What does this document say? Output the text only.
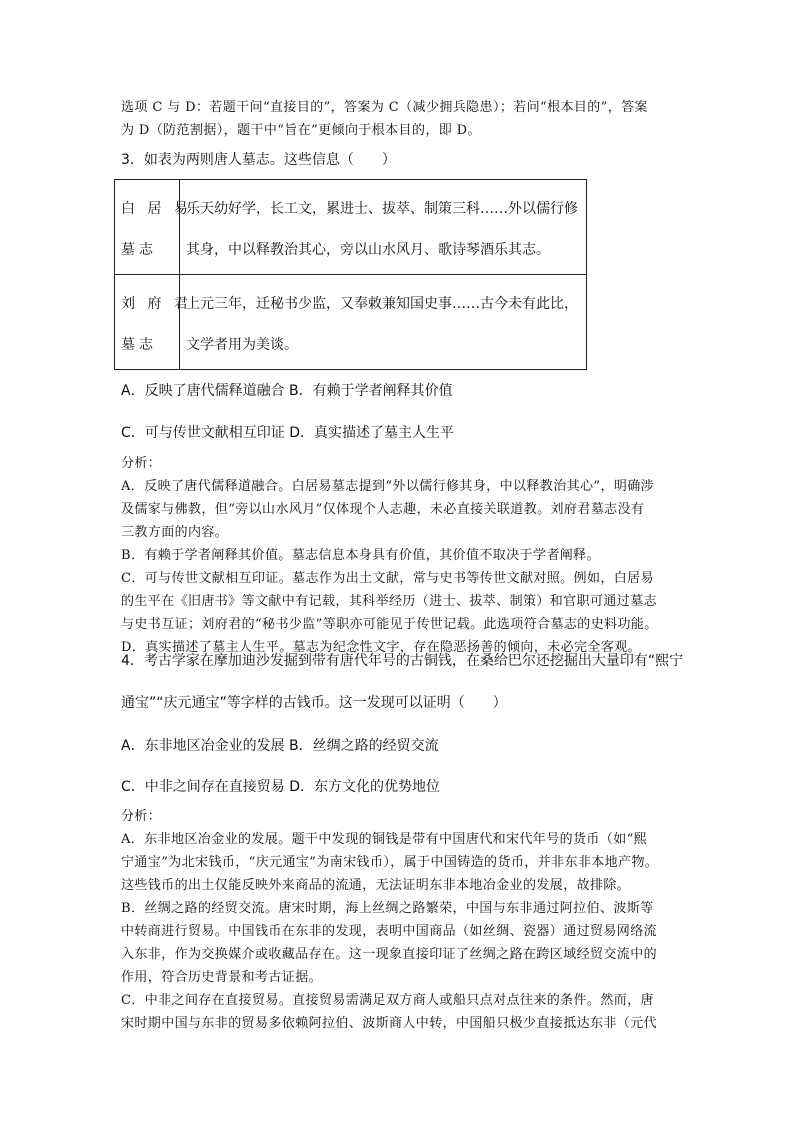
选项 C 与 D：若题干问“直接目的”，答案为 C（减少拥兵隐患）；若问“根本目的”，答案
为 D（防范割据），题干中“旨在”更倾向于根本目的，即 D。
3．如表为两则唐人墓志。这些信息（　　）
白 居 易
墓志	乐天幼好学，长工文，累进士、拔萃、制策三科……外以儒行修
其身，中以释教治其心，旁以山水风月、歌诗琴酒乐其志。

刘 府 君
墓志	上元三年，迁秘书少监，又奉敕兼知国史事……古今未有此比，
文学者用为美谈。
A．反映了唐代儒释道融合 B．有赖于学者阐释其价值
C．可与传世文献相互印证 D．真实描述了墓主人生平
分析：
A．反映了唐代儒释道融合。白居易墓志提到“外以儒行修其身，中以释教治其心”，明确涉
及儒家与佛教，但“旁以山水风月”仅体现个人志趣，未必直接关联道教。刘府君墓志没有
三教方面的内容。
B．有赖于学者阐释其价值。墓志信息本身具有价值，其价值不取决于学者阐释。
C．可与传世文献相互印证。墓志作为出土文献，常与史书等传世文献对照。例如，白居易
的生平在《旧唐书》等文献中有记载，其科举经历（进士、拔萃、制策）和官职可通过墓志
与史书互证；刘府君的“秘书少监”等职亦可能见于传世记载。此选项符合墓志的史料功能。
D．真实描述了墓主人生平。墓志为纪念性文字，存在隐恶扬善的倾向，未必完全客观。
4．考古学家在摩加迪沙发掘到带有唐代年号的古铜钱，在桑给巴尔还挖掘出大量印有“熙宁
通宝”“庆元通宝”等字样的古钱币。这一发现可以证明（　　）
A．东非地区冶金业的发展 B．丝绸之路的经贸交流
C．中非之间存在直接贸易 D．东方文化的优势地位
分析：
A．东非地区冶金业的发展。题干中发现的铜钱是带有中国唐代和宋代年号的货币（如“熙
宁通宝”为北宋钱币，“庆元通宝”为南宋钱币），属于中国铸造的货币，并非东非本地产物。
这些钱币的出土仅能反映外来商品的流通，无法证明东非本地冶金业的发展，故排除。
B．丝绸之路的经贸交流。唐宋时期，海上丝绸之路繁荣，中国与东非通过阿拉伯、波斯等
中转商进行贸易。中国钱币在东非的发现，表明中国商品（如丝绸、瓷器）通过贸易网络流
入东非，作为交换媒介或收藏品存在。这一现象直接印证了丝绸之路在跨区域经贸交流中的
作用，符合历史背景和考古证据。
C．中非之间存在直接贸易。直接贸易需满足双方商人或船只点对点往来的条件。然而，唐
宋时期中国与东非的贸易多依赖阿拉伯、波斯商人中转，中国船只极少直接抵达东非（元代
